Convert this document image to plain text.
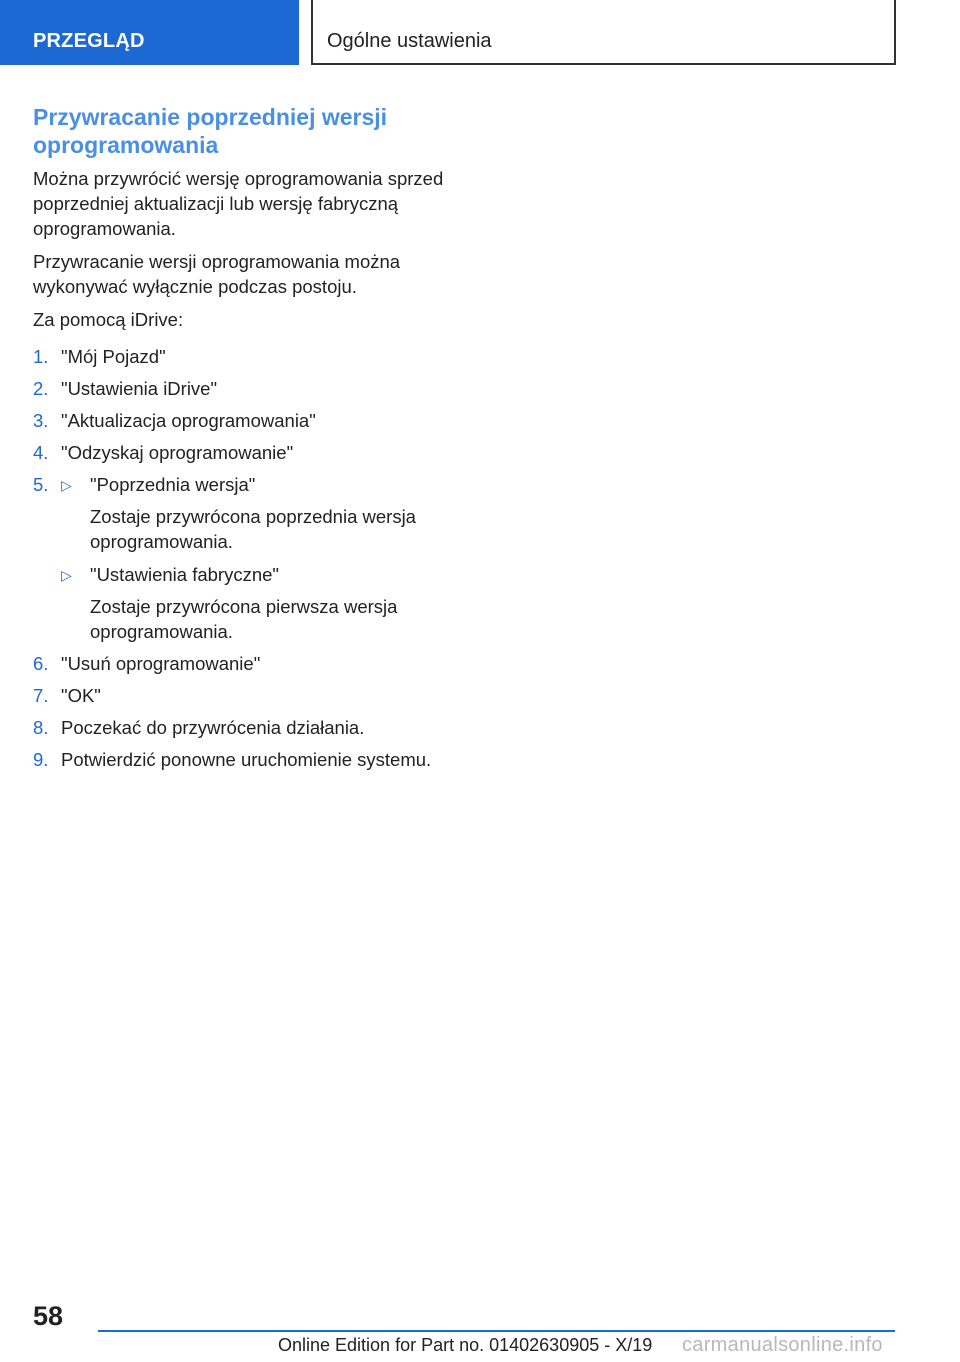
PRZEGLĄD	Ogólne ustawienia
Przywracanie poprzedniej wersji oprogramowania

Można przywrócić wersję oprogramowania sprzed poprzedniej aktualizacji lub wersję fabryczną oprogramowania.

Przywracanie wersji oprogramowania można wykonywać wyłącznie podczas postoju.

Za pomocą iDrive:

1. "Mój Pojazd"
2. "Ustawienia iDrive"
3. "Aktualizacja oprogramowania"
4. "Odzyskaj oprogramowanie"
5. ▷ "Poprzednia wersja"

Zostaje przywrócona poprzednia wersja oprogramowania.

▷ "Ustawienia fabryczne"

Zostaje przywrócona pierwsza wersja oprogramowania.

6. "Usuń oprogramowanie"
7. "OK"
8. Poczekać do przywrócenia działania.
9. Potwierdzić ponowne uruchomienie systemu.
58
Online Edition for Part no. 01402630905 - X/19 carmanualsonline.info
